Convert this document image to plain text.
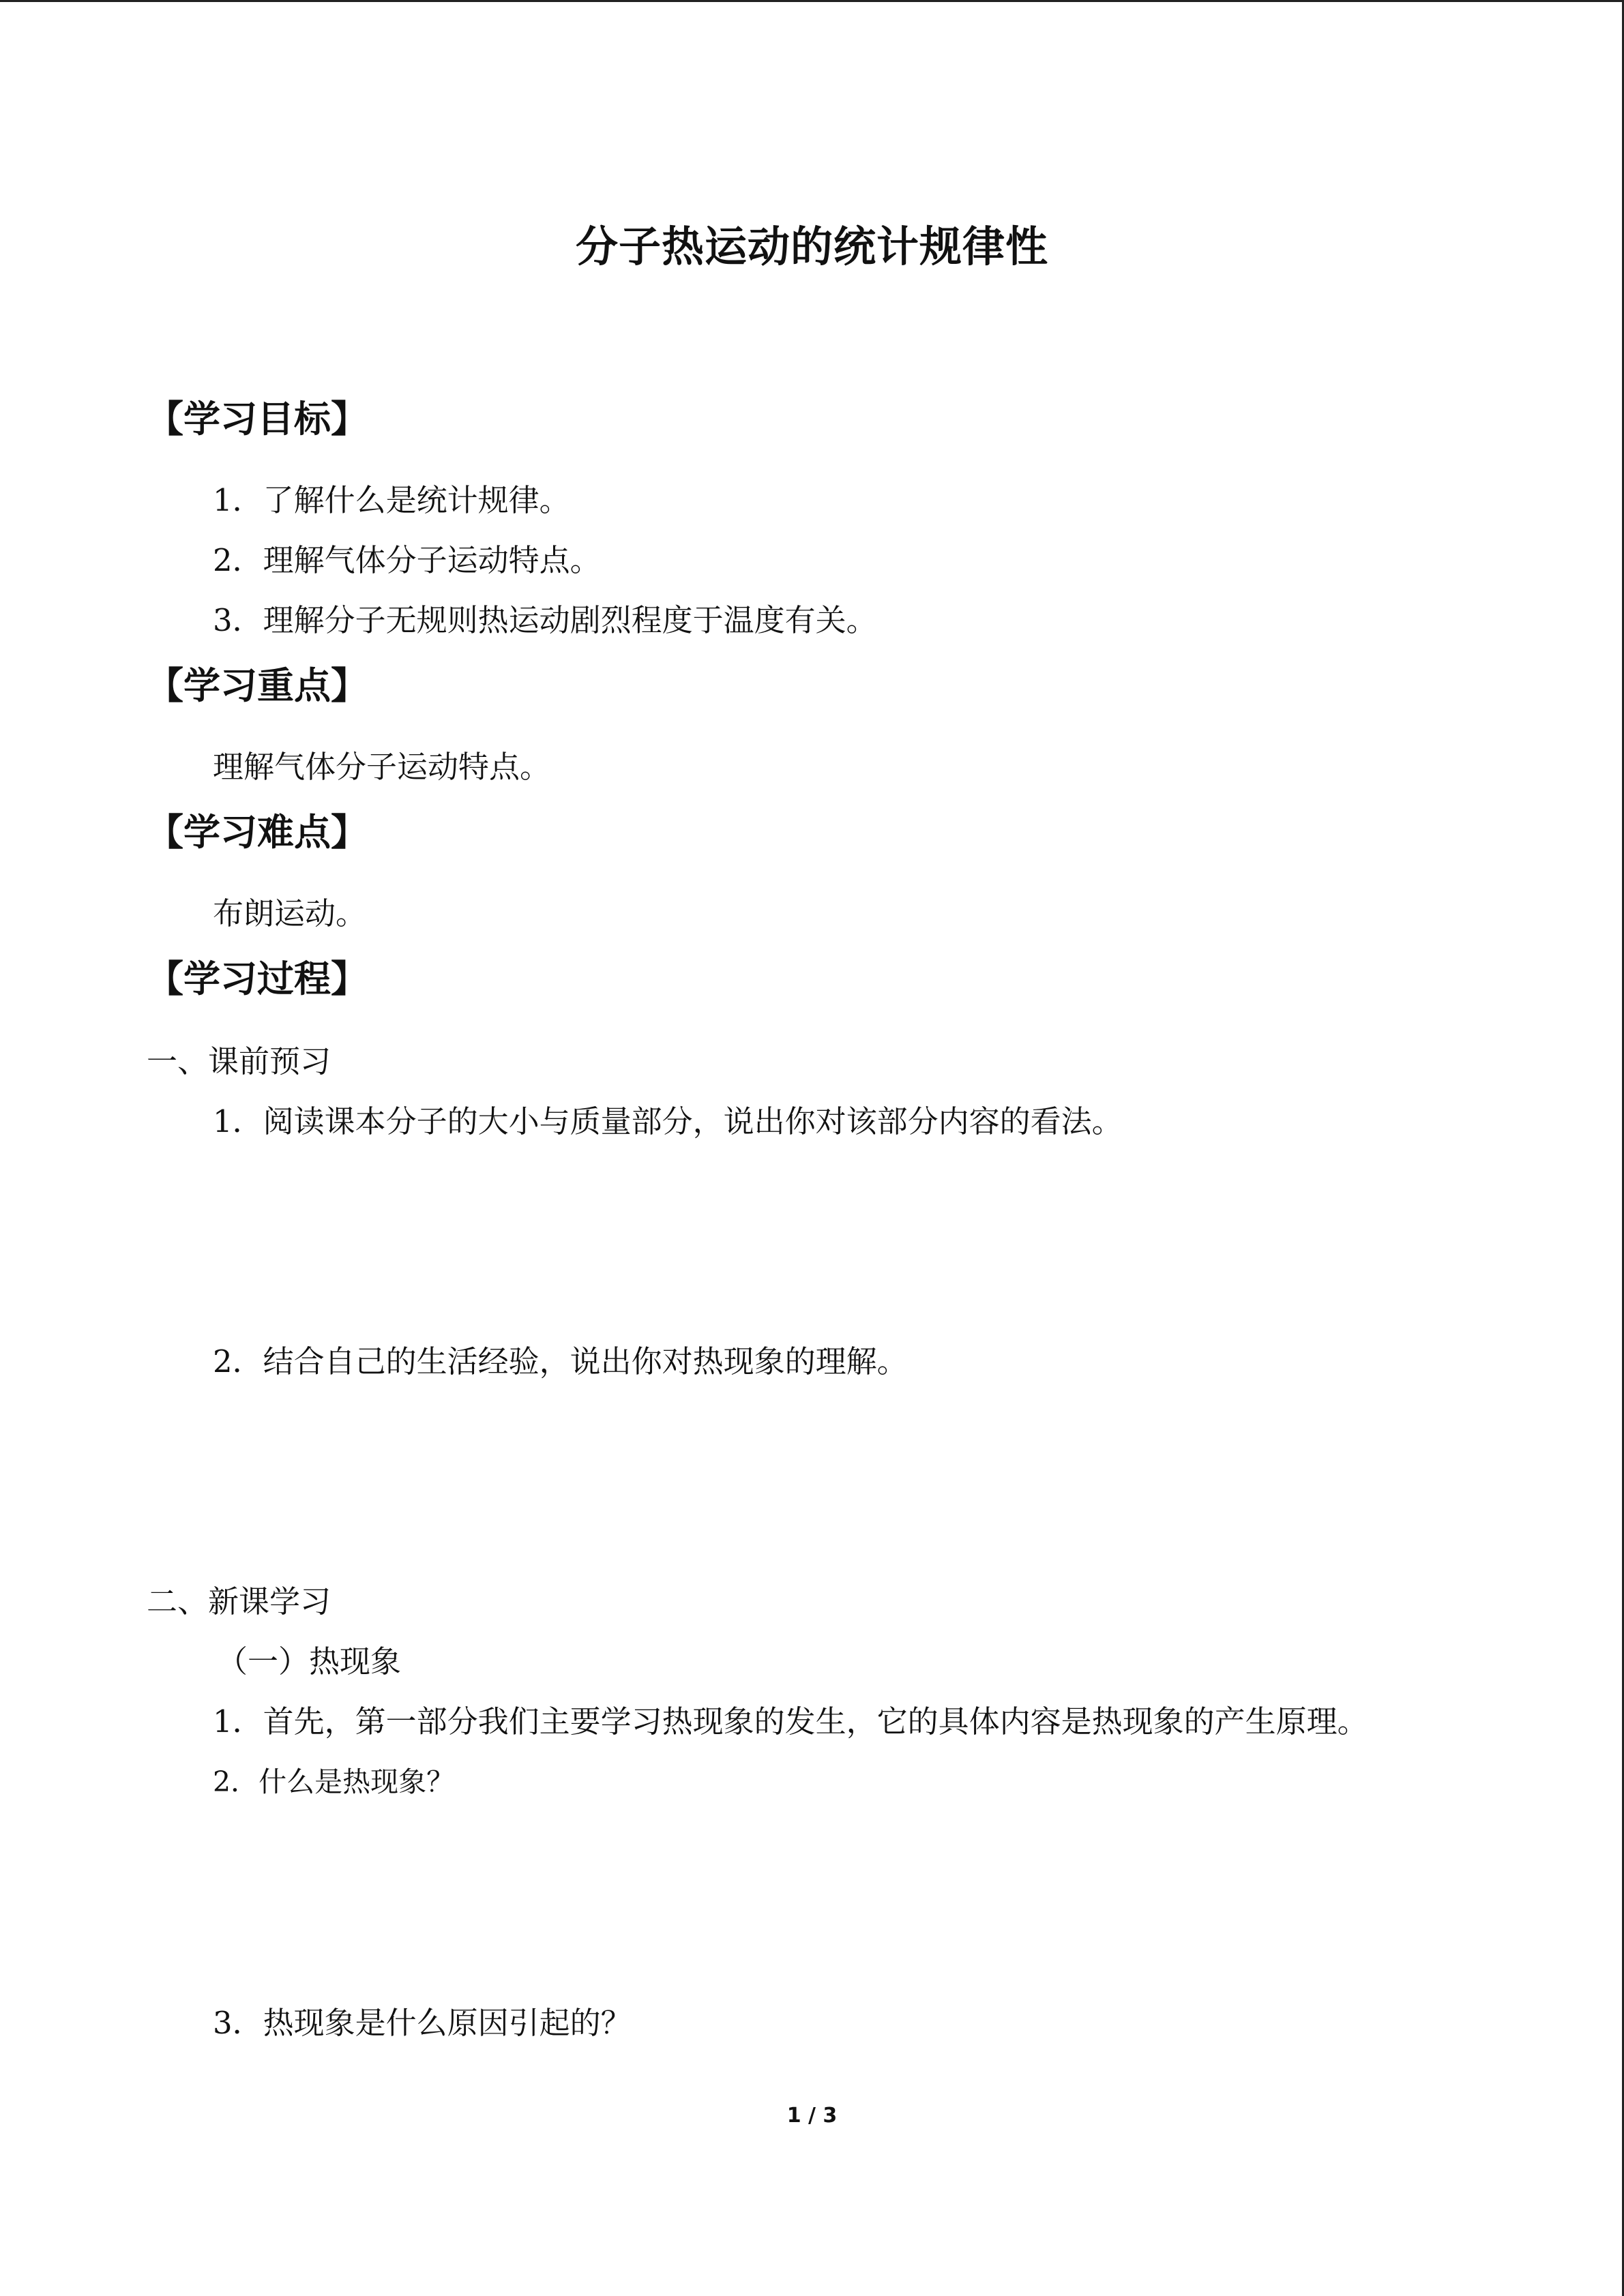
分子热运动的统计规律性
【学习目标】
1．了解什么是统计规律。
2．理解气体分子运动特点。
3．理解分子无规则热运动剧烈程度于温度有关。
【学习重点】
理解气体分子运动特点。
【学习难点】
布朗运动。
【学习过程】
一、课前预习
1．阅读课本分子的大小与质量部分，说出你对该部分内容的看法。
2．结合自己的生活经验，说出你对热现象的理解。
二、新课学习
（一）热现象
1．首先，第一部分我们主要学习热现象的发生，它的具体内容是热现象的产生原理。
2．什么是热现象？
3．热现象是什么原因引起的？
1 / 3
